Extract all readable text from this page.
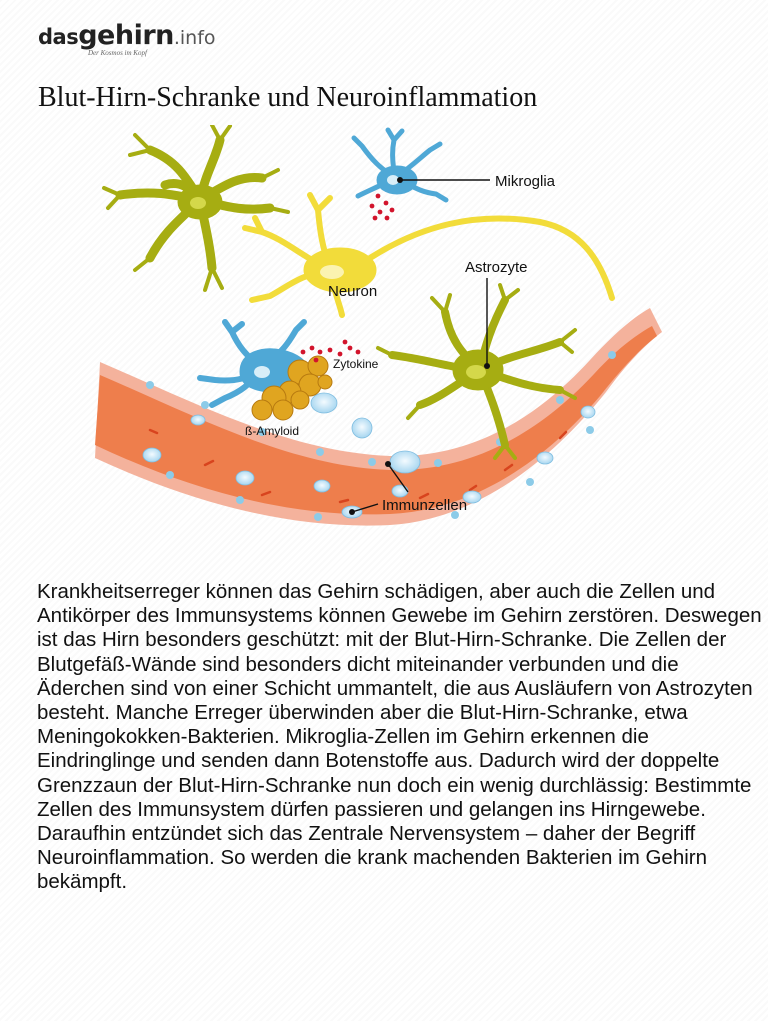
dasgehirn.info
Der Kosmos im Kopf
Blut-Hirn-Schranke und Neuroinflammation
Mikroglia
Astrozyte
Neuron
Zytokine
ß-Amyloid
Immunzellen

Krankheitserreger können das Gehirn schädigen, aber auch die Zellen und Antikörper des Immunsystems können Gewebe im Gehirn zerstören. Deswegen ist das Hirn besonders geschützt: mit der Blut-Hirn-Schranke. Die Zellen der Blutgefäß-Wände sind besonders dicht miteinander verbunden und die Äderchen sind von einer Schicht ummantelt, die aus Ausläufern von Astrozyten besteht. Manche Erreger überwinden aber die Blut-Hirn-Schranke, etwa Meningokokken-Bakterien. Mikroglia-Zellen im Gehirn erkennen die Eindringlinge und senden dann Botenstoffe aus. Dadurch wird der doppelte Grenzzaun der Blut-Hirn-Schranke nun doch ein wenig durchlässig: Bestimmte Zellen des Immunsystem dürfen passieren und gelangen ins Hirngewebe. Daraufhin entzündet sich das Zentrale Nervensystem – daher der Begriff Neuroinflammation. So werden die krank machenden Bakterien im Gehirn bekämpft.
